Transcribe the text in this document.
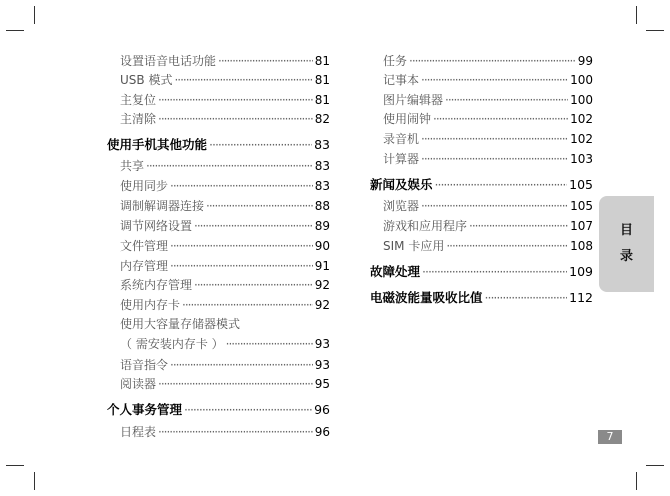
设置语音电话功能 ·····	81
USB 模式 ·····	81
主复位 ·····	81
主清除 ·····	82
使用手机其他功能 ·····	83
共享 ·····	83
使用同步 ·····	83
调制解调器连接 ·····	88
调节网络设置 ·····	89
文件管理 ·····	90
内存管理 ·····	91
系统内存管理 ·····	92
使用内存卡 ·····	92
使用大容量存储器模式
（ 需安装内存卡 ） ·····	93
语音指令 ·····	93
阅读器 ·····	95
个人事务管理 ·····	96
日程表 ·····	96
任务 ·····	99
记事本 ·····	100
图片编辑器 ·····	100
使用闹钟 ·····	102
录音机 ·····	102
计算器 ·····	103
新闻及娱乐 ·····	105
浏览器 ·····	105
游戏和应用程序 ·····	107
SIM 卡应用 ·····	108
故障处理 ·····	109
电磁波能量吸收比值 ·····	112
目
录
7
